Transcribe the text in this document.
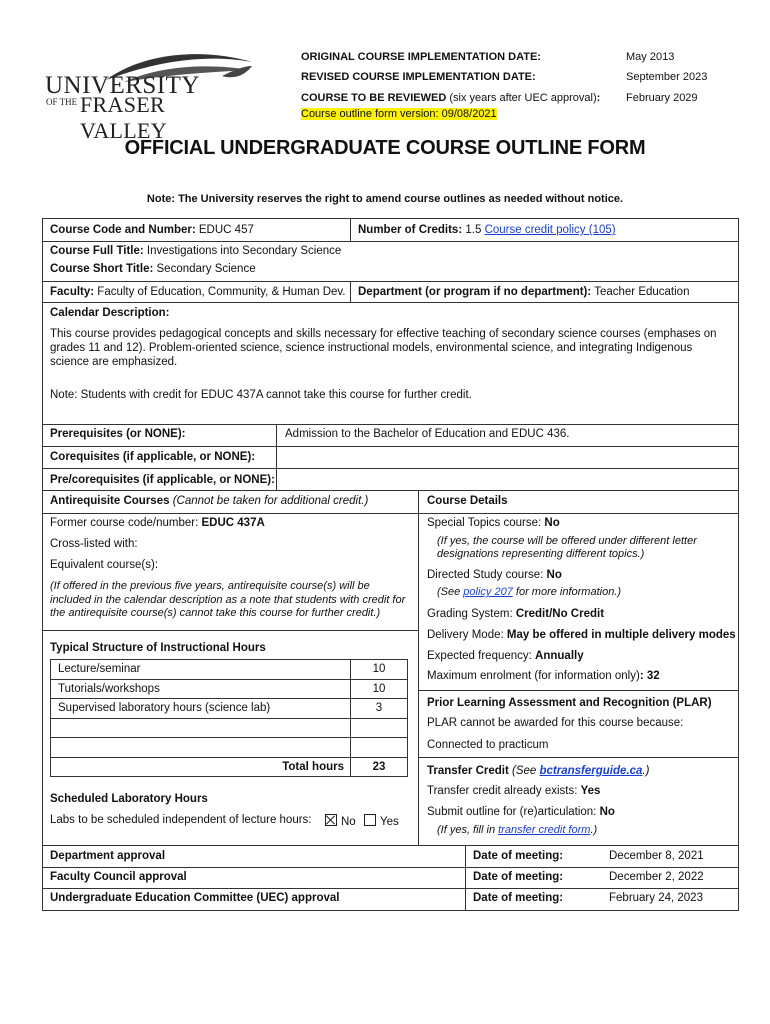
UNIVERSITY
OF THE FRASER VALLEY
ORIGINAL COURSE IMPLEMENTATION DATE:	May 2013
REVISED COURSE IMPLEMENTATION DATE:	September 2023
COURSE TO BE REVIEWED (six years after UEC approval): February 2029
Course outline form version: 09/08/2021
OFFICIAL UNDERGRADUATE COURSE OUTLINE FORM
Note: The University reserves the right to amend course outlines as needed without notice.
Course Code and Number: EDUC 457	Number of Credits: 1.5 Course credit policy (105)
Course Full Title: Investigations into Secondary Science
Course Short Title: Secondary Science
Faculty: Faculty of Education, Community, & Human Dev. Department (or program if no department): Teacher Education
Calendar Description:
This course provides pedagogical concepts and skills necessary for effective teaching of secondary science courses (emphases on grades 11 and 12). Problem-oriented science, science instructional models, environmental science, and integrating Indigenous science are emphasized.
Note: Students with credit for EDUC 437A cannot take this course for further credit.
Prerequisites (or NONE):	Admission to the Bachelor of Education and EDUC 436.
Corequisites (if applicable, or NONE):
Pre/corequisites (if applicable, or NONE):
Antirequisite Courses (Cannot be taken for additional credit.)
Former course code/number: EDUC 437A
Cross-listed with:
Equivalent course(s):
(If offered in the previous five years, antirequisite course(s) will be included in the calendar description as a note that students with credit for the antirequisite course(s) cannot take this course for further credit.)
Typical Structure of Instructional Hours
Lecture/seminar	10
Tutorials/workshops	10
Supervised laboratory hours (science lab)	3
Total hours	23
Scheduled Laboratory Hours
Labs to be scheduled independent of lecture hours:	No	Yes
Course Details
Special Topics course: No
(If yes, the course will be offered under different letter designations representing different topics.)
Directed Study course: No
(See policy 207 for more information.)
Grading System: Credit/No Credit
Delivery Mode: May be offered in multiple delivery modes
Expected frequency: Annually
Maximum enrolment (for information only): 32
Prior Learning Assessment and Recognition (PLAR)
PLAR cannot be awarded for this course because:
Connected to practicum
Transfer Credit (See bctransferguide.ca.)
Transfer credit already exists: Yes
Submit outline for (re)articulation: No
(If yes, fill in transfer credit form.)
Department approval	Date of meeting:	December 8, 2021
Faculty Council approval	Date of meeting:	December 2, 2022
Undergraduate Education Committee (UEC) approval	Date of meeting:	February 24, 2023
